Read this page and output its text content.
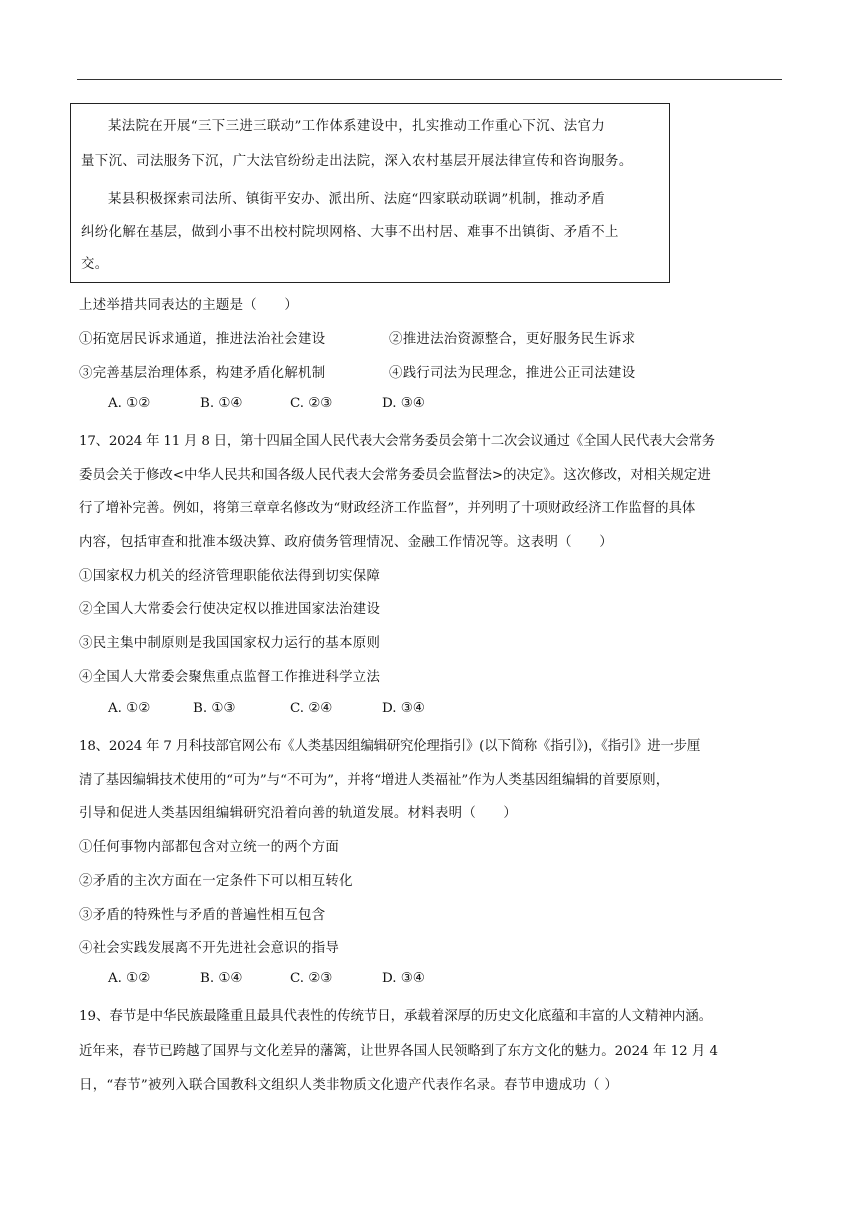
某法院在开展“三下三进三联动”工作体系建设中，扎实推动工作重心下沉、法官力

量下沉、司法服务下沉，广大法官纷纷走出法院，深入农村基层开展法律宣传和咨询服务。

某县积极探索司法所、镇街平安办、派出所、法庭“四家联动联调”机制，推动矛盾

纠纷化解在基层，做到小事不出校村院坝网格、大事不出村居、难事不出镇街、矛盾不上

交。

上述举措共同表达的主题是（　　）
①拓宽居民诉求通道，推进法治社会建设	②推进法治资源整合，更好服务民生诉求
③完善基层治理体系，构建矛盾化解机制	④践行司法为民理念，推进公正司法建设
A. ①②	B. ①④	C. ②③	D. ③④
17、2024 年 11 月 8 日，第十四届全国人民代表大会常务委员会第十二次会议通过《全国人民代表大会常务
委员会关于修改<中华人民共和国各级人民代表大会常务委员会监督法>的决定》。这次修改，对相关规定进
行了增补完善。例如，将第三章章名修改为“财政经济工作监督”，并列明了十项财政经济工作监督的具体
内容，包括审查和批准本级决算、政府债务管理情况、金融工作情况等。这表明（　　）
①国家权力机关的经济管理职能依法得到切实保障
②全国人大常委会行使决定权以推进国家法治建设
③民主集中制原则是我国国家权力运行的基本原则
④全国人大常委会聚焦重点监督工作推进科学立法
A. ①②	B. ①③	C. ②④	D. ③④
18、2024 年 7 月科技部官网公布《人类基因组编辑研究伦理指引》(以下简称《指引》)，《指引》进一步厘
清了基因编辑技术使用的“可为”与“不可为”，并将“增进人类福祉”作为人类基因组编辑的首要原则，
引导和促进人类基因组编辑研究沿着向善的轨道发展。材料表明（　　）
①任何事物内部都包含对立统一的两个方面
②矛盾的主次方面在一定条件下可以相互转化
③矛盾的特殊性与矛盾的普遍性相互包含
④社会实践发展离不开先进社会意识的指导
A. ①②	B. ①④	C. ②③	D. ③④
19、春节是中华民族最隆重且最具代表性的传统节日，承载着深厚的历史文化底蕴和丰富的人文精神内涵。
近年来，春节已跨越了国界与文化差异的藩篱，让世界各国人民领略到了东方文化的魅力。2024 年 12 月 4
日，“春节”被列入联合国教科文组织人类非物质文化遗产代表作名录。春节申遗成功（ ）
